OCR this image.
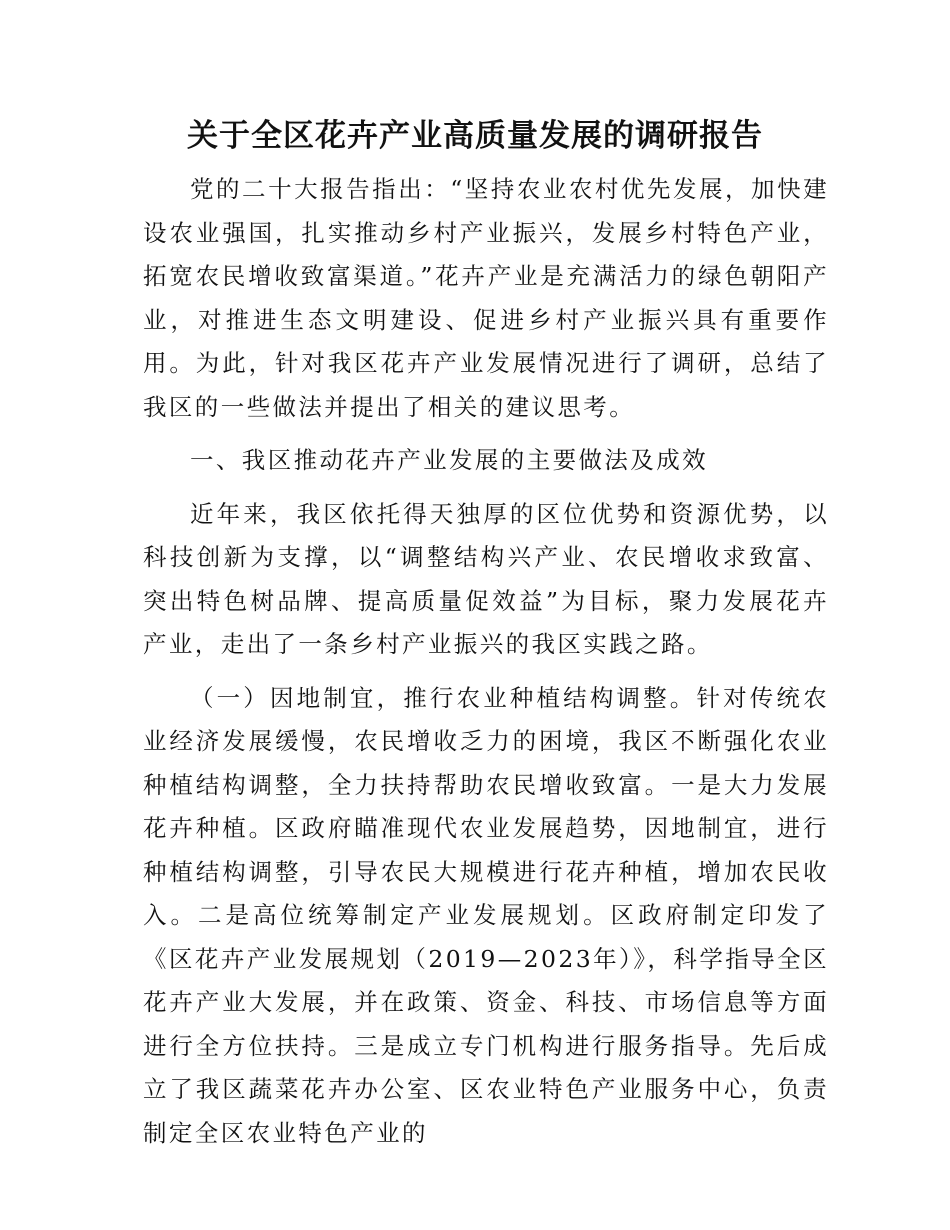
关于全区花卉产业高质量发展的调研报告

党的二十大报告指出：“坚持农业农村优先发展，加快建设农业强国，扎实推动乡村产业振兴，发展乡村特色产业，拓宽农民增收致富渠道。”花卉产业是充满活力的绿色朝阳产业，对推进生态文明建设、促进乡村产业振兴具有重要作用。为此，针对我区花卉产业发展情况进行了调研，总结了我区的一些做法并提出了相关的建议思考。

一、我区推动花卉产业发展的主要做法及成效

近年来，我区依托得天独厚的区位优势和资源优势，以科技创新为支撑，以“调整结构兴产业、农民增收求致富、突出特色树品牌、提高质量促效益”为目标，聚力发展花卉产业，走出了一条乡村产业振兴的我区实践之路。

（一）因地制宜，推行农业种植结构调整。针对传统农业经济发展缓慢，农民增收乏力的困境，我区不断强化农业种植结构调整，全力扶持帮助农民增收致富。一是大力发展花卉种植。区政府瞄准现代农业发展趋势，因地制宜，进行种植结构调整，引导农民大规模进行花卉种植，增加农民收入。二是高位统筹制定产业发展规划。区政府制定印发了《区花卉产业发展规划（2019—2023年）》，科学指导全区花卉产业大发展，并在政策、资金、科技、市场信息等方面进行全方位扶持。三是成立专门机构进行服务指导。先后成立了我区蔬菜花卉办公室、区农业特色产业服务中心，负责制定全区农业特色产业的
